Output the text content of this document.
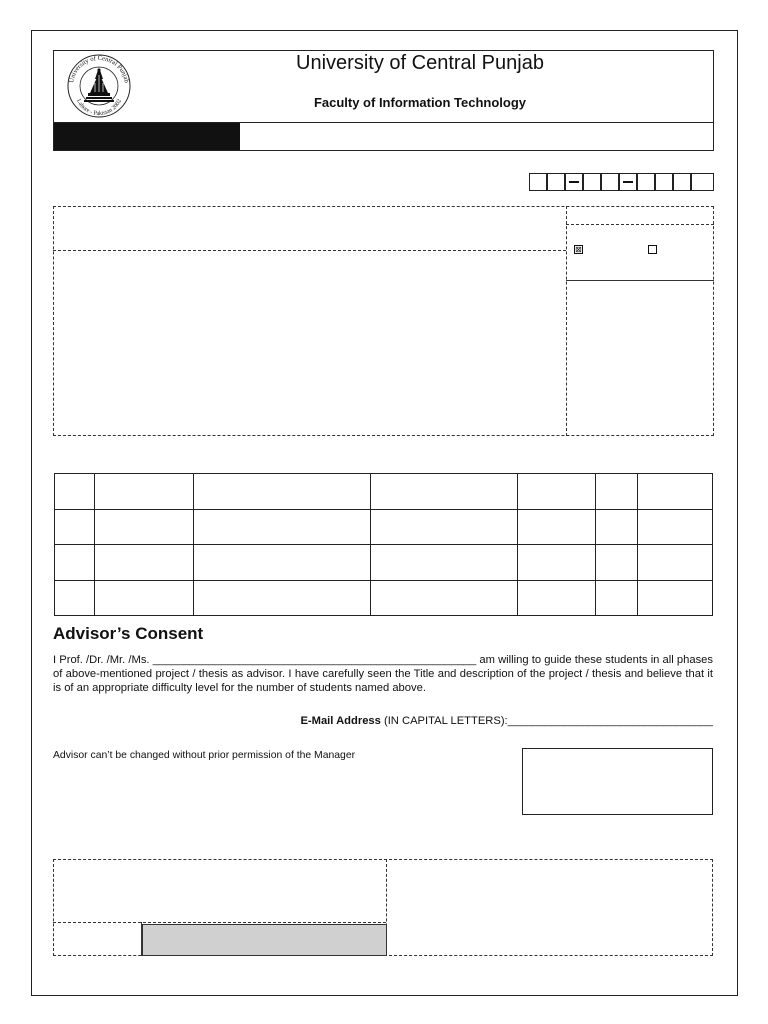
University of Central Punjab
Faculty of Information Technology
University of Central Punjab
Lahore - Pakistan 2002
⊠

Advisor’s Consent
I Prof. /Dr. /Mr. /Ms. ____________________________________________________ am willing to guide these students in all phases of above-mentioned project / thesis as advisor. I have carefully seen the Title and description of the project / thesis and believe that it is of an appropriate difficulty level for the number of students named above.
E-Mail Address (IN CAPITAL LETTERS):_________________________________
Advisor can’t be changed without prior permission of the Manager
